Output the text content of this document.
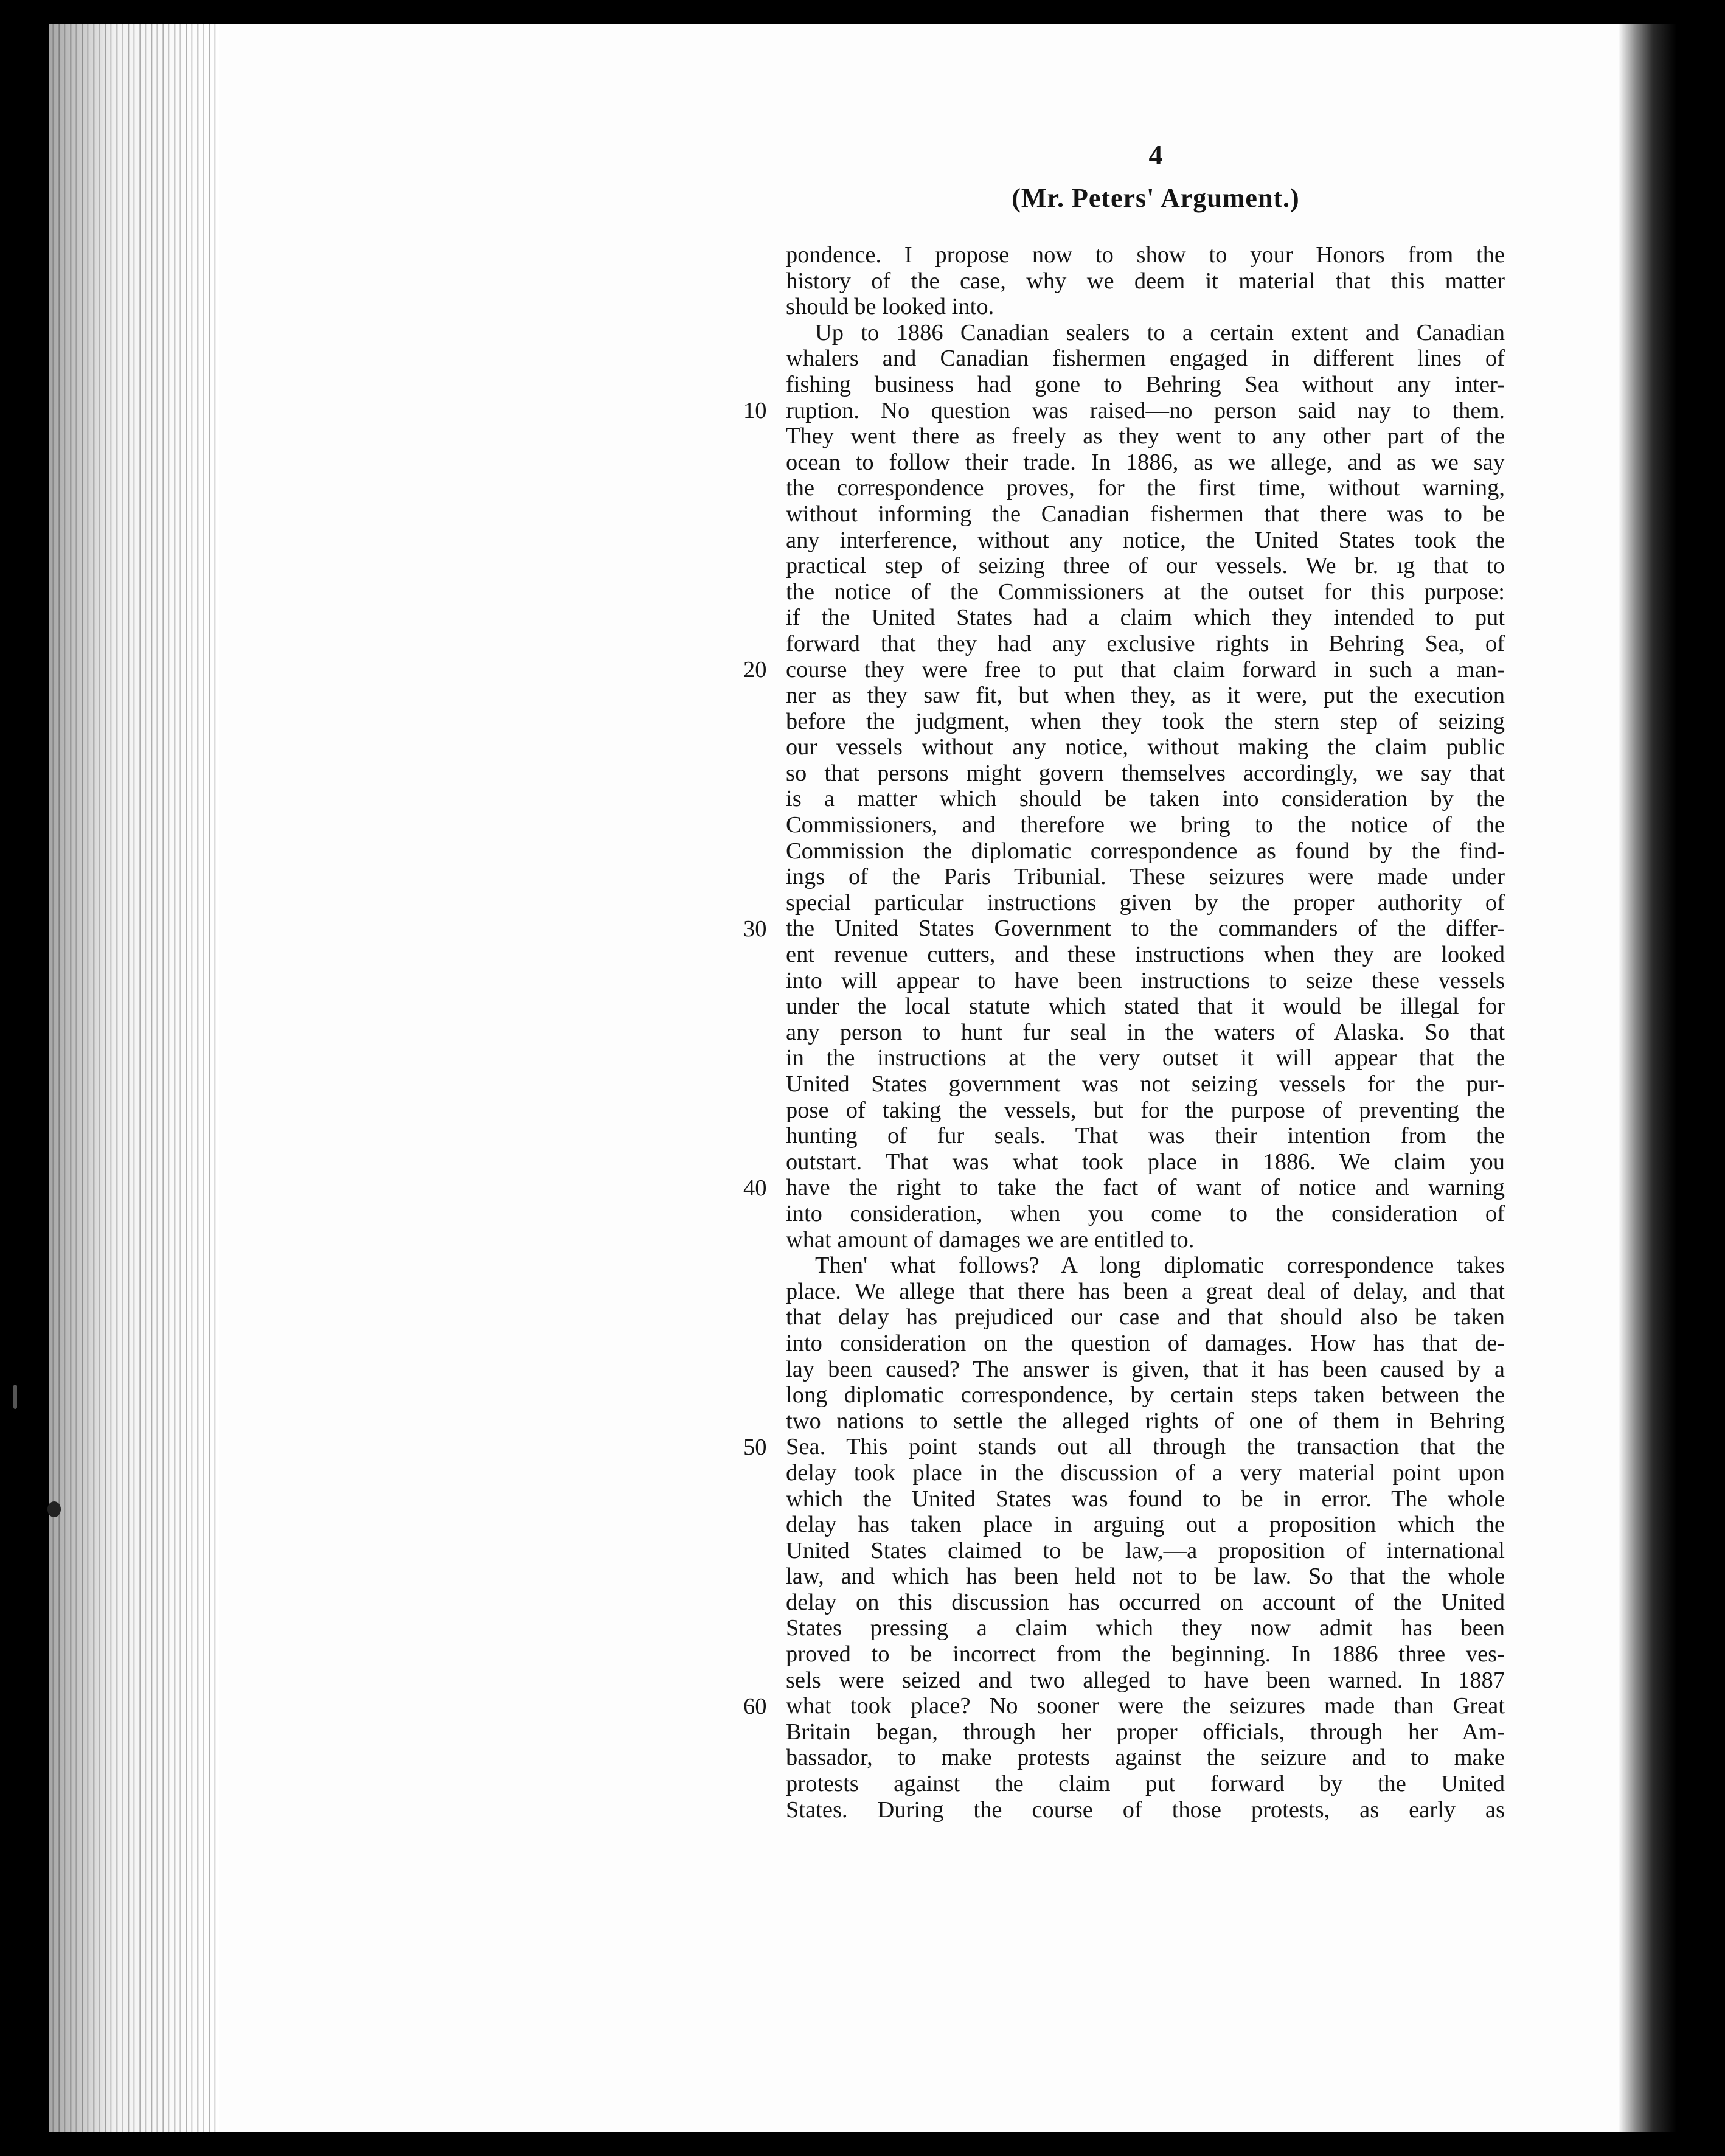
4
(Mr. Peters' Argument.)
10
20
30
40
50
60
pondence. I propose now to show to your Honors from the
history of the case, why we deem it material that this matter
should be looked into.
Up to 1886 Canadian sealers to a certain extent and Canadian
whalers and Canadian fishermen engaged in different lines of
fishing business had gone to Behring Sea without any inter-
ruption. No question was raised—no person said nay to them.
They went there as freely as they went to any other part of the
ocean to follow their trade. In 1886, as we allege, and as we say
the correspondence proves, for the first time, without warning,
without informing the Canadian fishermen that there was to be
any interference, without any notice, the United States took the
practical step of seizing three of our vessels. We br. ıg that to
the notice of the Commissioners at the outset for this purpose:
if the United States had a claim which they intended to put
forward that they had any exclusive rights in Behring Sea, of
course they were free to put that claim forward in such a man-
ner as they saw fit, but when they, as it were, put the execution
before the judgment, when they took the stern step of seizing
our vessels without any notice, without making the claim public
so that persons might govern themselves accordingly, we say that
is a matter which should be taken into consideration by the
Commissioners, and therefore we bring to the notice of the
Commission the diplomatic correspondence as found by the find-
ings of the Paris Tribunial. These seizures were made under
special particular instructions given by the proper authority of
the United States Government to the commanders of the differ-
ent revenue cutters, and these instructions when they are looked
into will appear to have been instructions to seize these vessels
under the local statute which stated that it would be illegal for
any person to hunt fur seal in the waters of Alaska. So that
in the instructions at the very outset it will appear that the
United States government was not seizing vessels for the pur-
pose of taking the vessels, but for the purpose of preventing the
hunting of fur seals. That was their intention from the
outstart. That was what took place in 1886. We claim you
have the right to take the fact of want of notice and warning
into consideration, when you come to the consideration of
what amount of damages we are entitled to.
Then' what follows? A long diplomatic correspondence takes
place. We allege that there has been a great deal of delay, and that
that delay has prejudiced our case and that should also be taken
into consideration on the question of damages. How has that de-
lay been caused? The answer is given, that it has been caused by a
long diplomatic correspondence, by certain steps taken between the
two nations to settle the alleged rights of one of them in Behring
Sea. This point stands out all through the transaction that the
delay took place in the discussion of a very material point upon
which the United States was found to be in error. The whole
delay has taken place in arguing out a proposition which the
United States claimed to be law,—a proposition of international
law, and which has been held not to be law. So that the whole
delay on this discussion has occurred on account of the United
States pressing a claim which they now admit has been
proved to be incorrect from the beginning. In 1886 three ves-
sels were seized and two alleged to have been warned. In 1887
what took place? No sooner were the seizures made than Great
Britain began, through her proper officials, through her Am-
bassador, to make protests against the seizure and to make
protests against the claim put forward by the United
States. During the course of those protests, as early as
